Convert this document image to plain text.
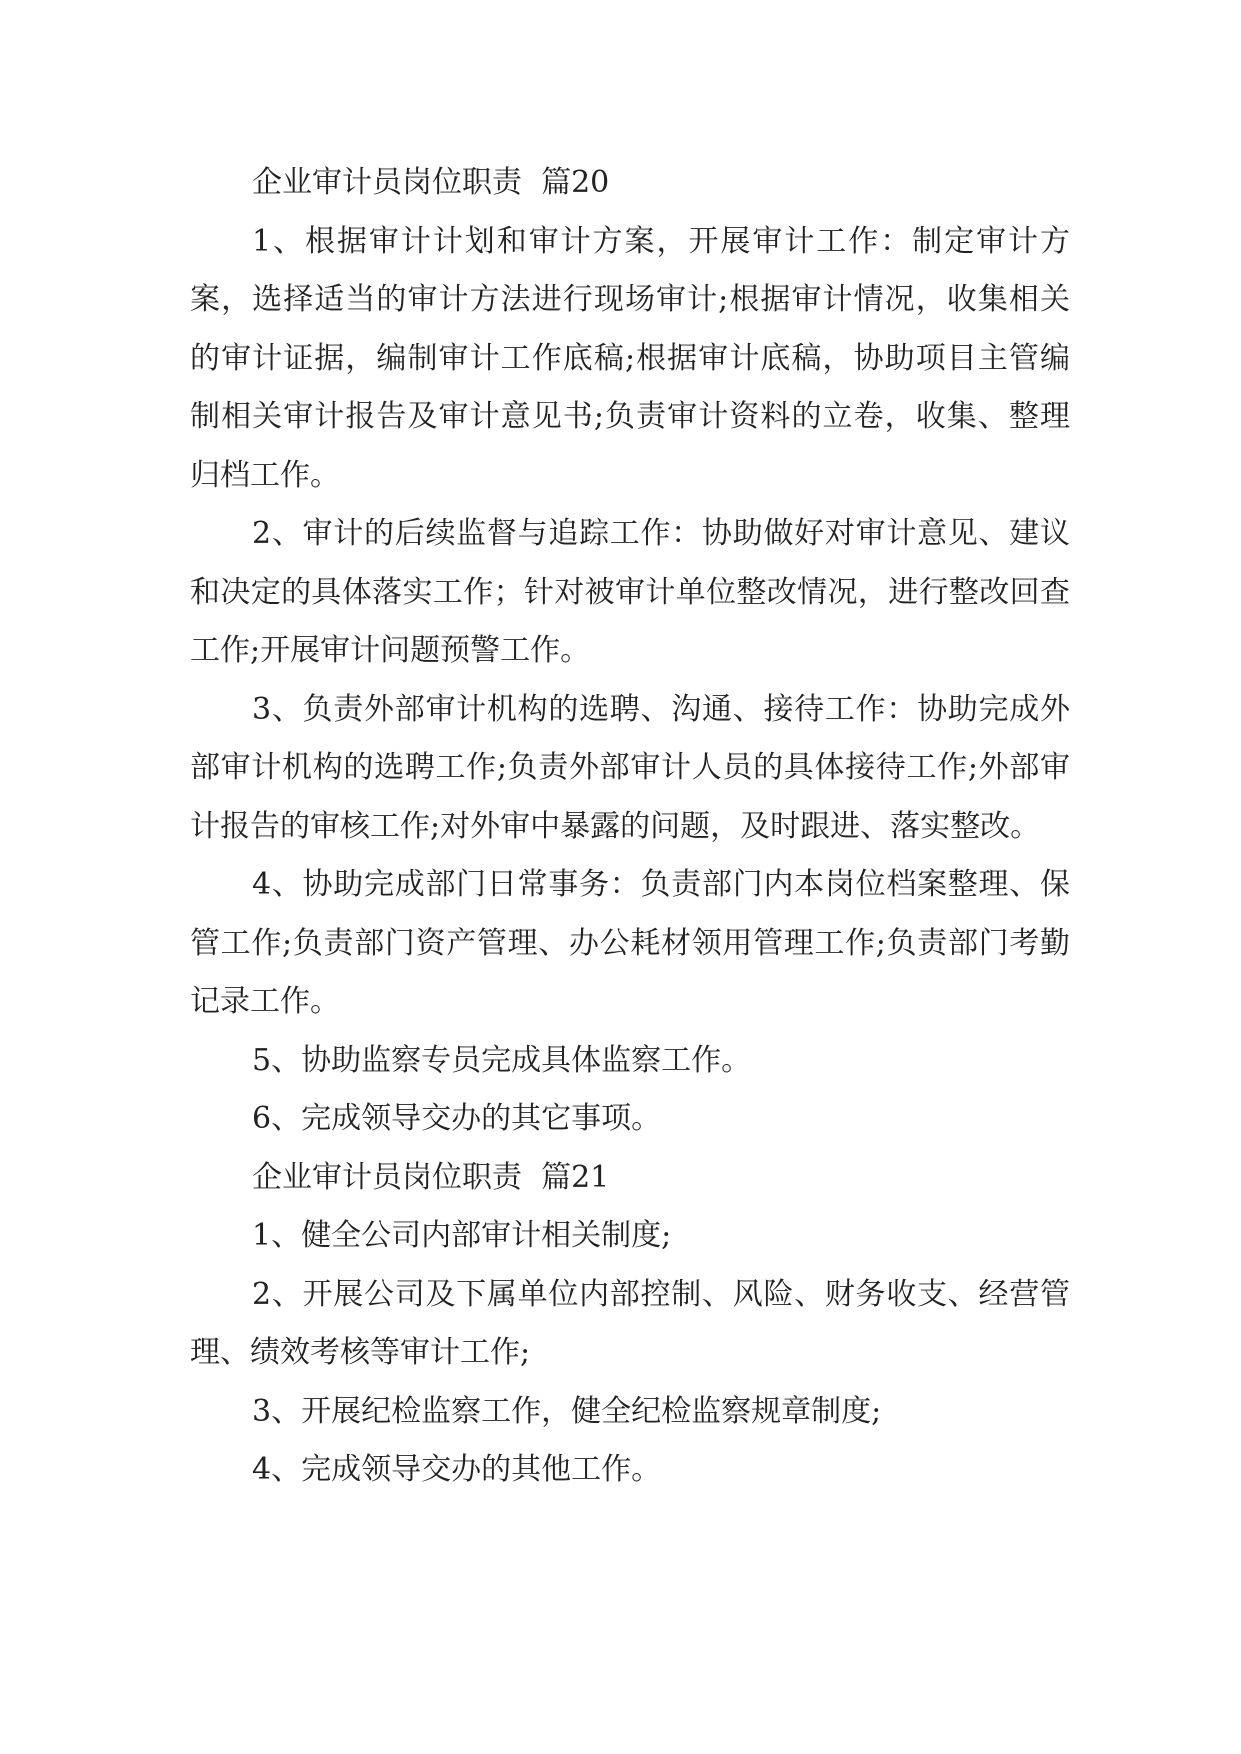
企业审计员岗位职责  篇20

1、根据审计计划和审计方案，开展审计工作：制定审计方案，选择适当的审计方法进行现场审计;根据审计情况，收集相关的审计证据，编制审计工作底稿;根据审计底稿，协助项目主管编制相关审计报告及审计意见书;负责审计资料的立卷，收集、整理归档工作。

2、审计的后续监督与追踪工作：协助做好对审计意见、建议和决定的具体落实工作；针对被审计单位整改情况，进行整改回查工作;开展审计问题预警工作。

3、负责外部审计机构的选聘、沟通、接待工作：协助完成外部审计机构的选聘工作;负责外部审计人员的具体接待工作;外部审计报告的审核工作;对外审中暴露的问题，及时跟进、落实整改。

4、协助完成部门日常事务：负责部门内本岗位档案整理、保管工作;负责部门资产管理、办公耗材领用管理工作;负责部门考勤记录工作。

5、协助监察专员完成具体监察工作。

6、完成领导交办的其它事项。

企业审计员岗位职责  篇21

1、健全公司内部审计相关制度;

2、开展公司及下属单位内部控制、风险、财务收支、经营管理、绩效考核等审计工作;

3、开展纪检监察工作，健全纪检监察规章制度;

4、完成领导交办的其他工作。
